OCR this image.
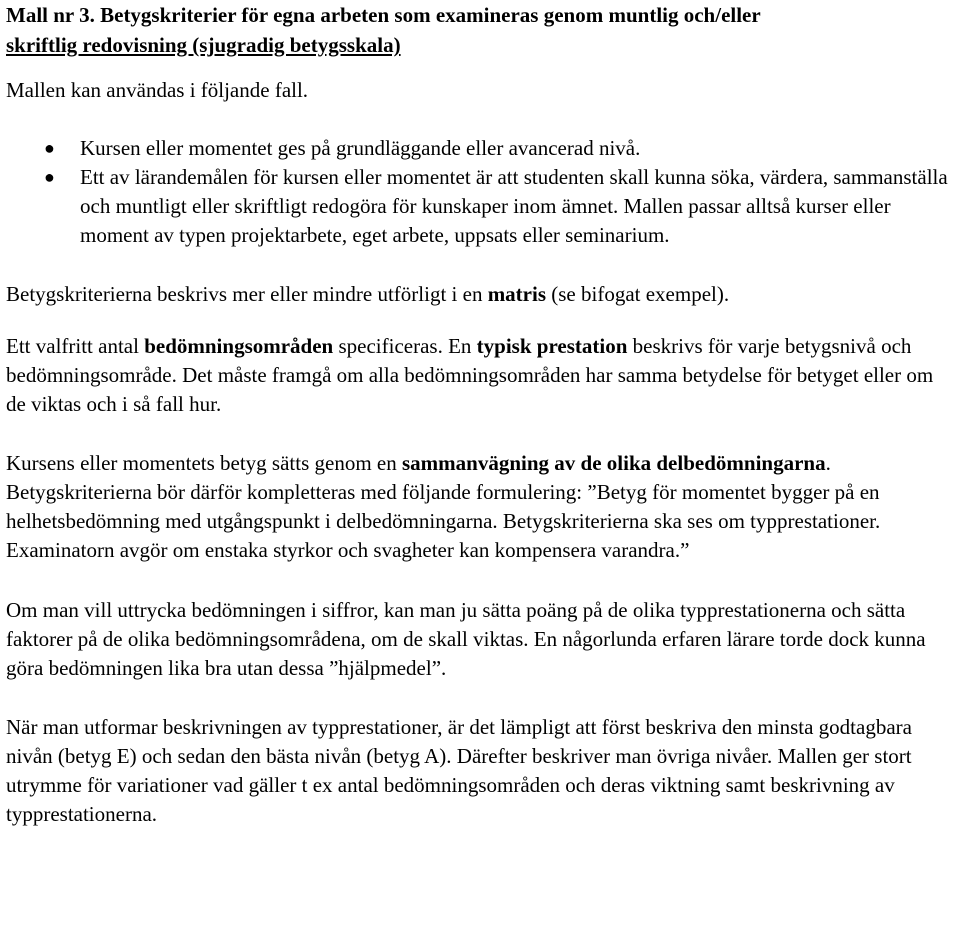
Mall nr 3. Betygskriterier för egna arbeten som examineras genom muntlig och/eller
skriftlig redovisning (sjugradig betygsskala)

Mallen kan användas i följande fall.

● Kursen eller momentet ges på grundläggande eller avancerad nivå.
● Ett av lärandemålen för kursen eller momentet är att studenten skall kunna söka, värdera, sammanställa och muntligt eller skriftligt redogöra för kunskaper inom ämnet. Mallen passar alltså kurser eller moment av typen projektarbete, eget arbete, uppsats eller seminarium.

Betygskriterierna beskrivs mer eller mindre utförligt i en matris (se bifogat exempel).

Ett valfritt antal bedömningsområden specificeras. En typisk prestation beskrivs för varje betygsnivå och bedömningsområde. Det måste framgå om alla bedömningsområden har samma betydelse för betyget eller om de viktas och i så fall hur.

Kursens eller momentets betyg sätts genom en sammanvägning av de olika delbedömningarna. Betygskriterierna bör därför kompletteras med följande formulering: ”Betyg för momentet bygger på en helhetsbedömning med utgångspunkt i delbedömningarna. Betygskriterierna ska ses om typprestationer. Examinatorn avgör om enstaka styrkor och svagheter kan kompensera varandra.”

Om man vill uttrycka bedömningen i siffror, kan man ju sätta poäng på de olika typprestationerna och sätta faktorer på de olika bedömningsområdena, om de skall viktas. En någorlunda erfaren lärare torde dock kunna göra bedömningen lika bra utan dessa ”hjälpmedel”.

När man utformar beskrivningen av typprestationer, är det lämpligt att först beskriva den minsta godtagbara nivån (betyg E) och sedan den bästa nivån (betyg A). Därefter beskriver man övriga nivåer. Mallen ger stort utrymme för variationer vad gäller t ex antal bedömningsområden och deras viktning samt beskrivning av typprestationerna.
